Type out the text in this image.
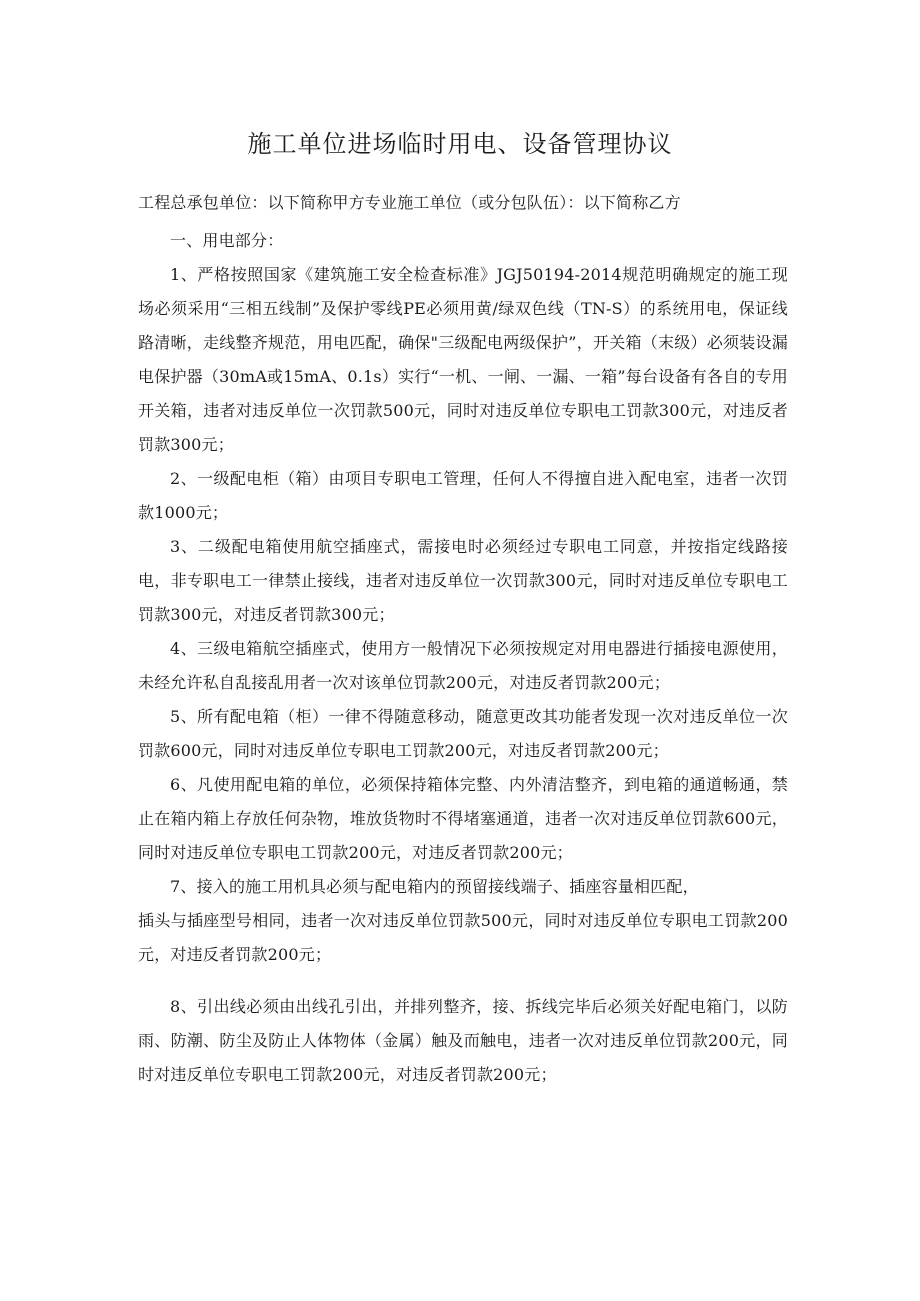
施工单位进场临时用电、设备管理协议

工程总承包单位：以下简称甲方专业施工单位（或分包队伍）：以下简称乙方

一、用电部分：

1、严格按照国家《建筑施工安全检查标准》JGJ50194-2014规范明确规定的施工现场必须采用“三相五线制”及保护零线PE必须用黄/绿双色线（TN-S）的系统用电，保证线路清晰，走线整齐规范，用电匹配，确保"三级配电两级保护”，开关箱（末级）必须装设漏电保护器（30mA或15mA、0.1s）实行“一机、一闸、一漏、一箱”每台设备有各自的专用开关箱，违者对违反单位一次罚款500元，同时对违反单位专职电工罚款300元，对违反者罚款300元；

2、一级配电柜（箱）由项目专职电工管理，任何人不得擅自进入配电室，违者一次罚款1000元；

3、二级配电箱使用航空插座式，需接电时必须经过专职电工同意，并按指定线路接电，非专职电工一律禁止接线，违者对违反单位一次罚款300元，同时对违反单位专职电工罚款300元，对违反者罚款300元；

4、三级电箱航空插座式，使用方一般情况下必须按规定对用电器进行插接电源使用，未经允许私自乱接乱用者一次对该单位罚款200元，对违反者罚款200元；

5、所有配电箱（柜）一律不得随意移动，随意更改其功能者发现一次对违反单位一次罚款600元，同时对违反单位专职电工罚款200元，对违反者罚款200元；

6、凡使用配电箱的单位，必须保持箱体完整、内外清洁整齐，到电箱的通道畅通，禁止在箱内箱上存放任何杂物，堆放货物时不得堵塞通道，违者一次对违反单位罚款600元，同时对违反单位专职电工罚款200元，对违反者罚款200元；

7、接入的施工用机具必须与配电箱内的预留接线端子、插座容量相匹配，

插头与插座型号相同，违者一次对违反单位罚款500元，同时对违反单位专职电工罚款200元，对违反者罚款200元；

8、引出线必须由出线孔引出，并排列整齐，接、拆线完毕后必须关好配电箱门，以防雨、防潮、防尘及防止人体物体（金属）触及而触电，违者一次对违反单位罚款200元，同时对违反单位专职电工罚款200元，对违反者罚款200元；
